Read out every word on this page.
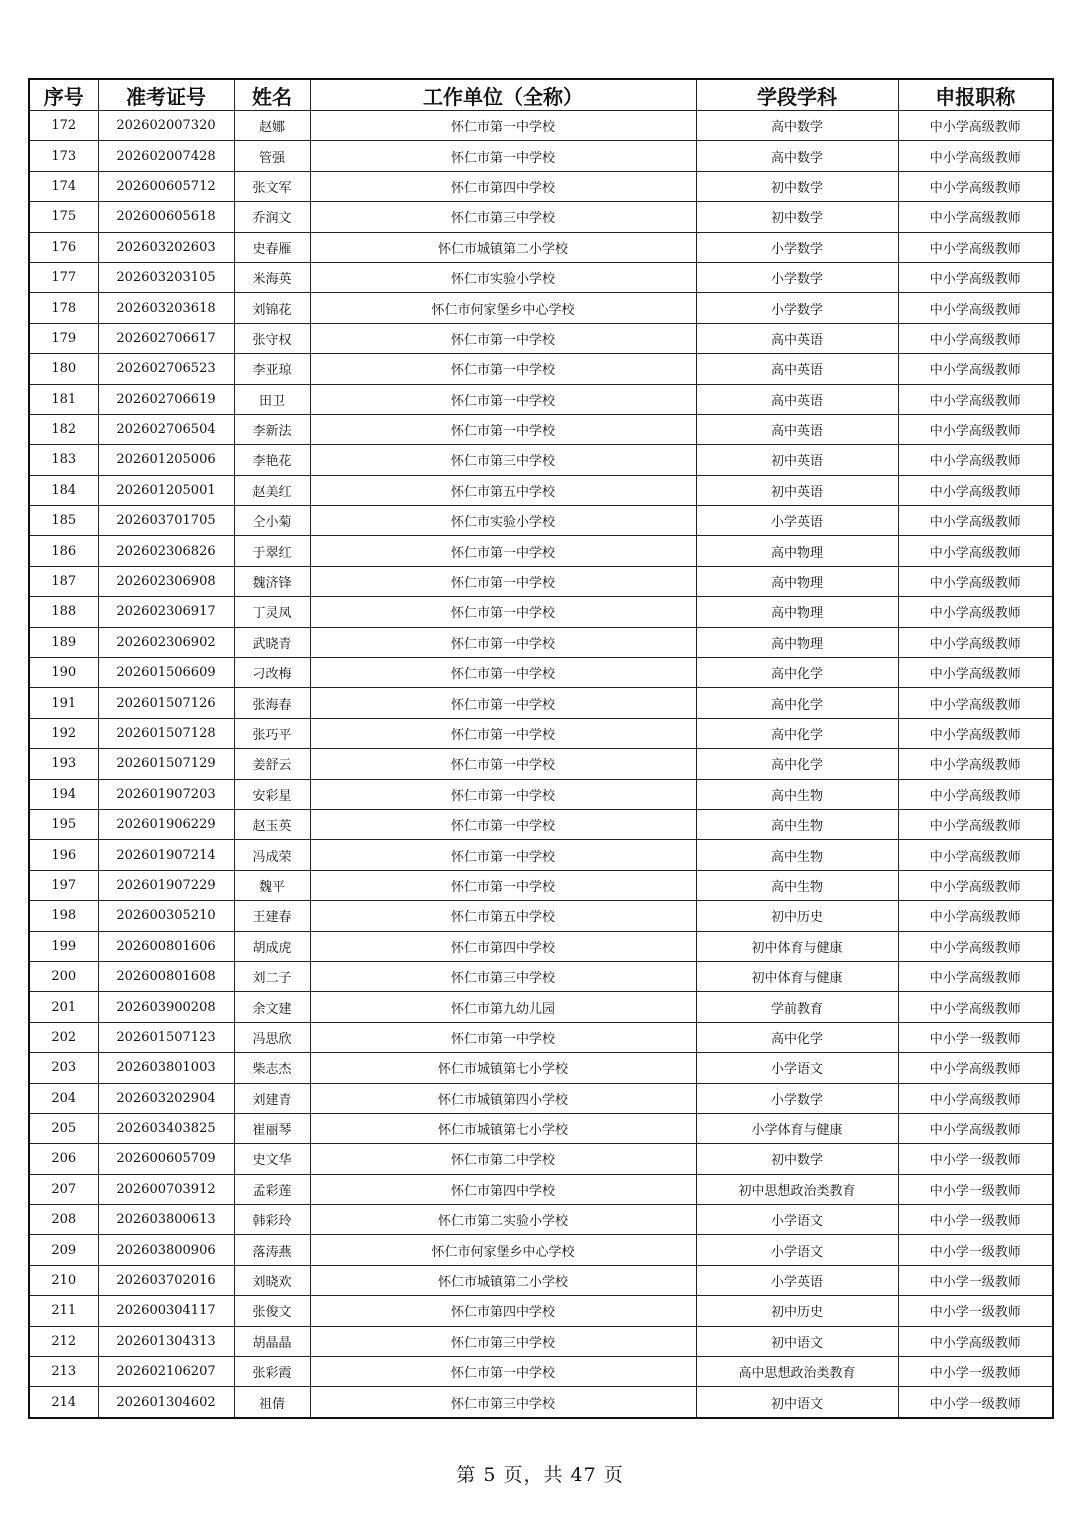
序号	准考证号	姓名	工作单位（全称）	学段学科	申报职称
172	202602007320	赵娜	怀仁市第一中学校	高中数学	中小学高级教师
173	202602007428	管强	怀仁市第一中学校	高中数学	中小学高级教师
174	202600605712	张文军	怀仁市第四中学校	初中数学	中小学高级教师
175	202600605618	乔润文	怀仁市第三中学校	初中数学	中小学高级教师
176	202603202603	史春雁	怀仁市城镇第二小学校	小学数学	中小学高级教师
177	202603203105	米海英	怀仁市实验小学校	小学数学	中小学高级教师
178	202603203618	刘锦花	怀仁市何家堡乡中心学校	小学数学	中小学高级教师
179	202602706617	张守权	怀仁市第一中学校	高中英语	中小学高级教师
180	202602706523	李亚琼	怀仁市第一中学校	高中英语	中小学高级教师
181	202602706619	田卫	怀仁市第一中学校	高中英语	中小学高级教师
182	202602706504	李新法	怀仁市第一中学校	高中英语	中小学高级教师
183	202601205006	李艳花	怀仁市第三中学校	初中英语	中小学高级教师
184	202601205001	赵美红	怀仁市第五中学校	初中英语	中小学高级教师
185	202603701705	仝小菊	怀仁市实验小学校	小学英语	中小学高级教师
186	202602306826	于翠红	怀仁市第一中学校	高中物理	中小学高级教师
187	202602306908	魏济锋	怀仁市第一中学校	高中物理	中小学高级教师
188	202602306917	丁灵凤	怀仁市第一中学校	高中物理	中小学高级教师
189	202602306902	武晓青	怀仁市第一中学校	高中物理	中小学高级教师
190	202601506609	刁改梅	怀仁市第一中学校	高中化学	中小学高级教师
191	202601507126	张海春	怀仁市第一中学校	高中化学	中小学高级教师
192	202601507128	张巧平	怀仁市第一中学校	高中化学	中小学高级教师
193	202601507129	姜舒云	怀仁市第一中学校	高中化学	中小学高级教师
194	202601907203	安彩星	怀仁市第一中学校	高中生物	中小学高级教师
195	202601906229	赵玉英	怀仁市第一中学校	高中生物	中小学高级教师
196	202601907214	冯成荣	怀仁市第一中学校	高中生物	中小学高级教师
197	202601907229	魏平	怀仁市第一中学校	高中生物	中小学高级教师
198	202600305210	王建春	怀仁市第五中学校	初中历史	中小学高级教师
199	202600801606	胡成虎	怀仁市第四中学校	初中体育与健康	中小学高级教师
200	202600801608	刘二子	怀仁市第三中学校	初中体育与健康	中小学高级教师
201	202603900208	余文建	怀仁市第九幼儿园	学前教育	中小学高级教师
202	202601507123	冯思欣	怀仁市第一中学校	高中化学	中小学一级教师
203	202603801003	柴志杰	怀仁市城镇第七小学校	小学语文	中小学高级教师
204	202603202904	刘建青	怀仁市城镇第四小学校	小学数学	中小学高级教师
205	202603403825	崔丽琴	怀仁市城镇第七小学校	小学体育与健康	中小学高级教师
206	202600605709	史文华	怀仁市第二中学校	初中数学	中小学一级教师
207	202600703912	孟彩莲	怀仁市第四中学校	初中思想政治类教育	中小学一级教师
208	202603800613	韩彩玲	怀仁市第二实验小学校	小学语文	中小学一级教师
209	202603800906	落涛燕	怀仁市何家堡乡中心学校	小学语文	中小学一级教师
210	202603702016	刘晓欢	怀仁市城镇第二小学校	小学英语	中小学一级教师
211	202600304117	张俊文	怀仁市第四中学校	初中历史	中小学一级教师
212	202601304313	胡晶晶	怀仁市第三中学校	初中语文	中小学高级教师
213	202602106207	张彩霞	怀仁市第一中学校	高中思想政治类教育	中小学一级教师
214	202601304602	祖倩	怀仁市第三中学校	初中语文	中小学一级教师
第 5 页，共 47 页
